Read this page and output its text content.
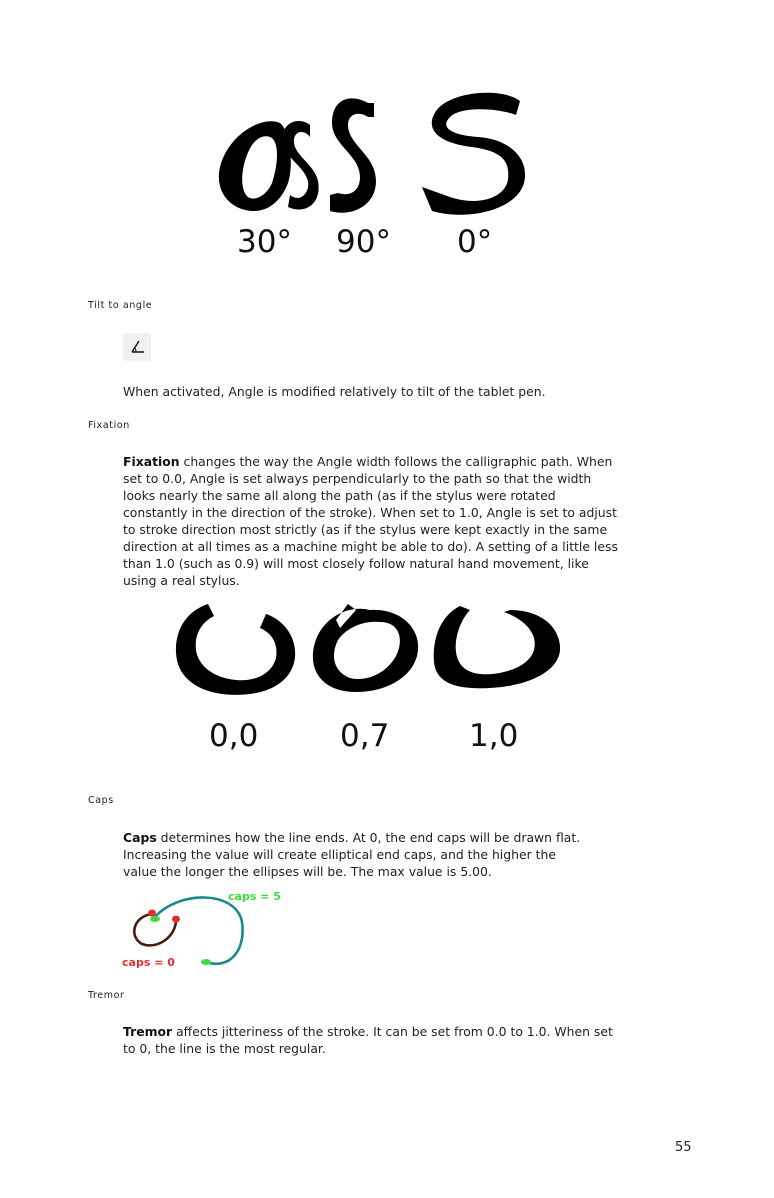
30° 90° 0°
Tilt to angle
When activated, Angle is modified relatively to tilt of the tablet pen.
Fixation
Fixation changes the way the Angle width follows the calligraphic path. When set to 0.0, Angle is set always perpendicularly to the path so that the width looks nearly the same all along the path (as if the stylus were rotated constantly in the direction of the stroke). When set to 1.0, Angle is set to adjust to stroke direction most strictly (as if the stylus were kept exactly in the same direction at all times as a machine might be able to do). A setting of a little less than 1.0 (such as 0.9) will most closely follow natural hand movement, like using a real stylus.
0,0	0,7	1,0
Caps
Caps determines how the line ends. At 0, the end caps will be drawn flat. Increasing the value will create elliptical end caps, and the higher the value the longer the ellipses will be. The max value is 5.00.
caps = 5
caps = 0
Tremor
Tremor affects jitteriness of the stroke. It can be set from 0.0 to 1.0. When set to 0, the line is the most regular.
55
